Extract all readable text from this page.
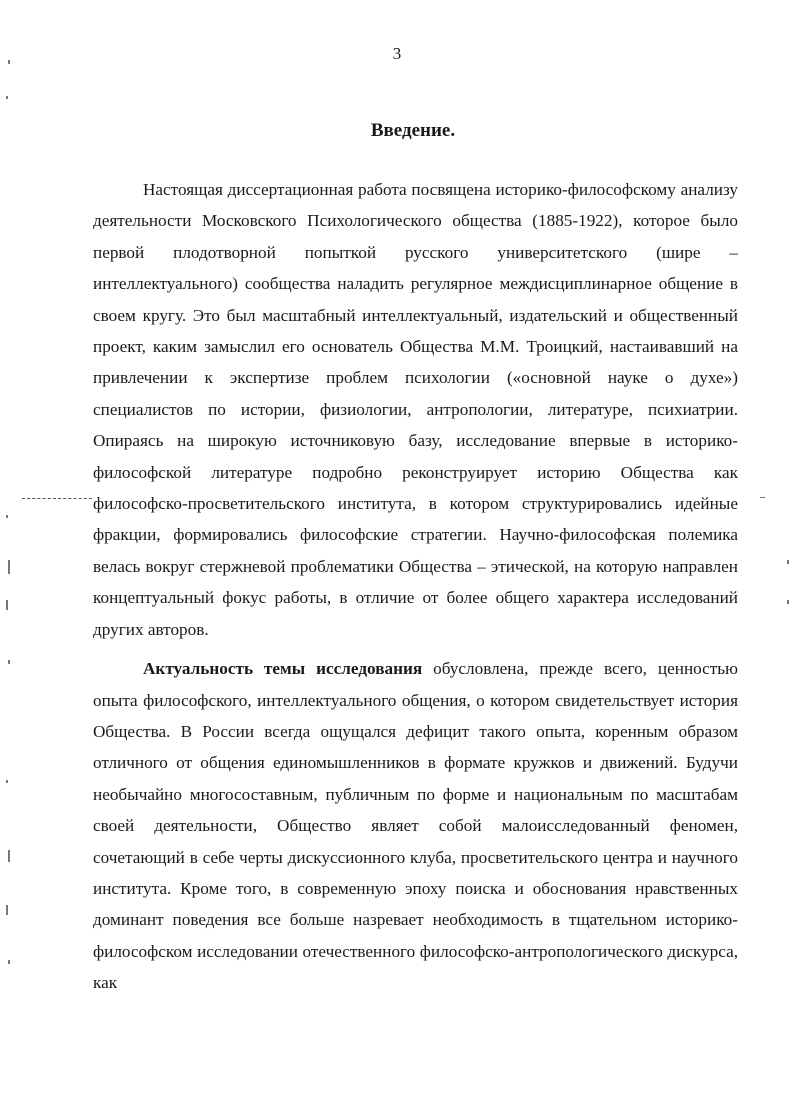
3
Введение.

Настоящая диссертационная работа посвящена историко-философскому анализу деятельности Московского Психологического общества (1885-1922), которое было первой плодотворной попыткой русского университетского (шире – интеллектуального) сообщества наладить регулярное междисциплинарное общение в своем кругу. Это был масштабный интеллектуальный, издательский и общественный проект, каким замыслил его основатель Общества М.М. Троицкий, настаивавший на привлечении к экспертизе проблем психологии («основной науке о духе») специалистов по истории, физиологии, антропологии, литературе, психиатрии. Опираясь на широкую источниковую базу, исследование впервые в историко-философской литературе подробно реконструирует историю Общества как философско-просветительского института, в котором структурировались идейные фракции, формировались философские стратегии. Научно-философская полемика велась вокруг стержневой проблематики Общества – этической, на которую направлен концептуальный фокус работы, в отличие от более общего характера исследований других авторов.

Актуальность темы исследования обусловлена, прежде всего, ценностью опыта философского, интеллектуального общения, о котором свидетельствует история Общества. В России всегда ощущался дефицит такого опыта, коренным образом отличного от общения единомышленников в формате кружков и движений. Будучи необычайно многосоставным, публичным по форме и национальным по масштабам своей деятельности, Общество являет собой малоисследованный феномен, сочетающий в себе черты дискуссионного клуба, просветительского центра и научного института. Кроме того, в современную эпоху поиска и обоснования нравственных доминант поведения все больше назревает необходимость в тщательном историко-философском исследовании отечественного философско-антропологического дискурса, как
